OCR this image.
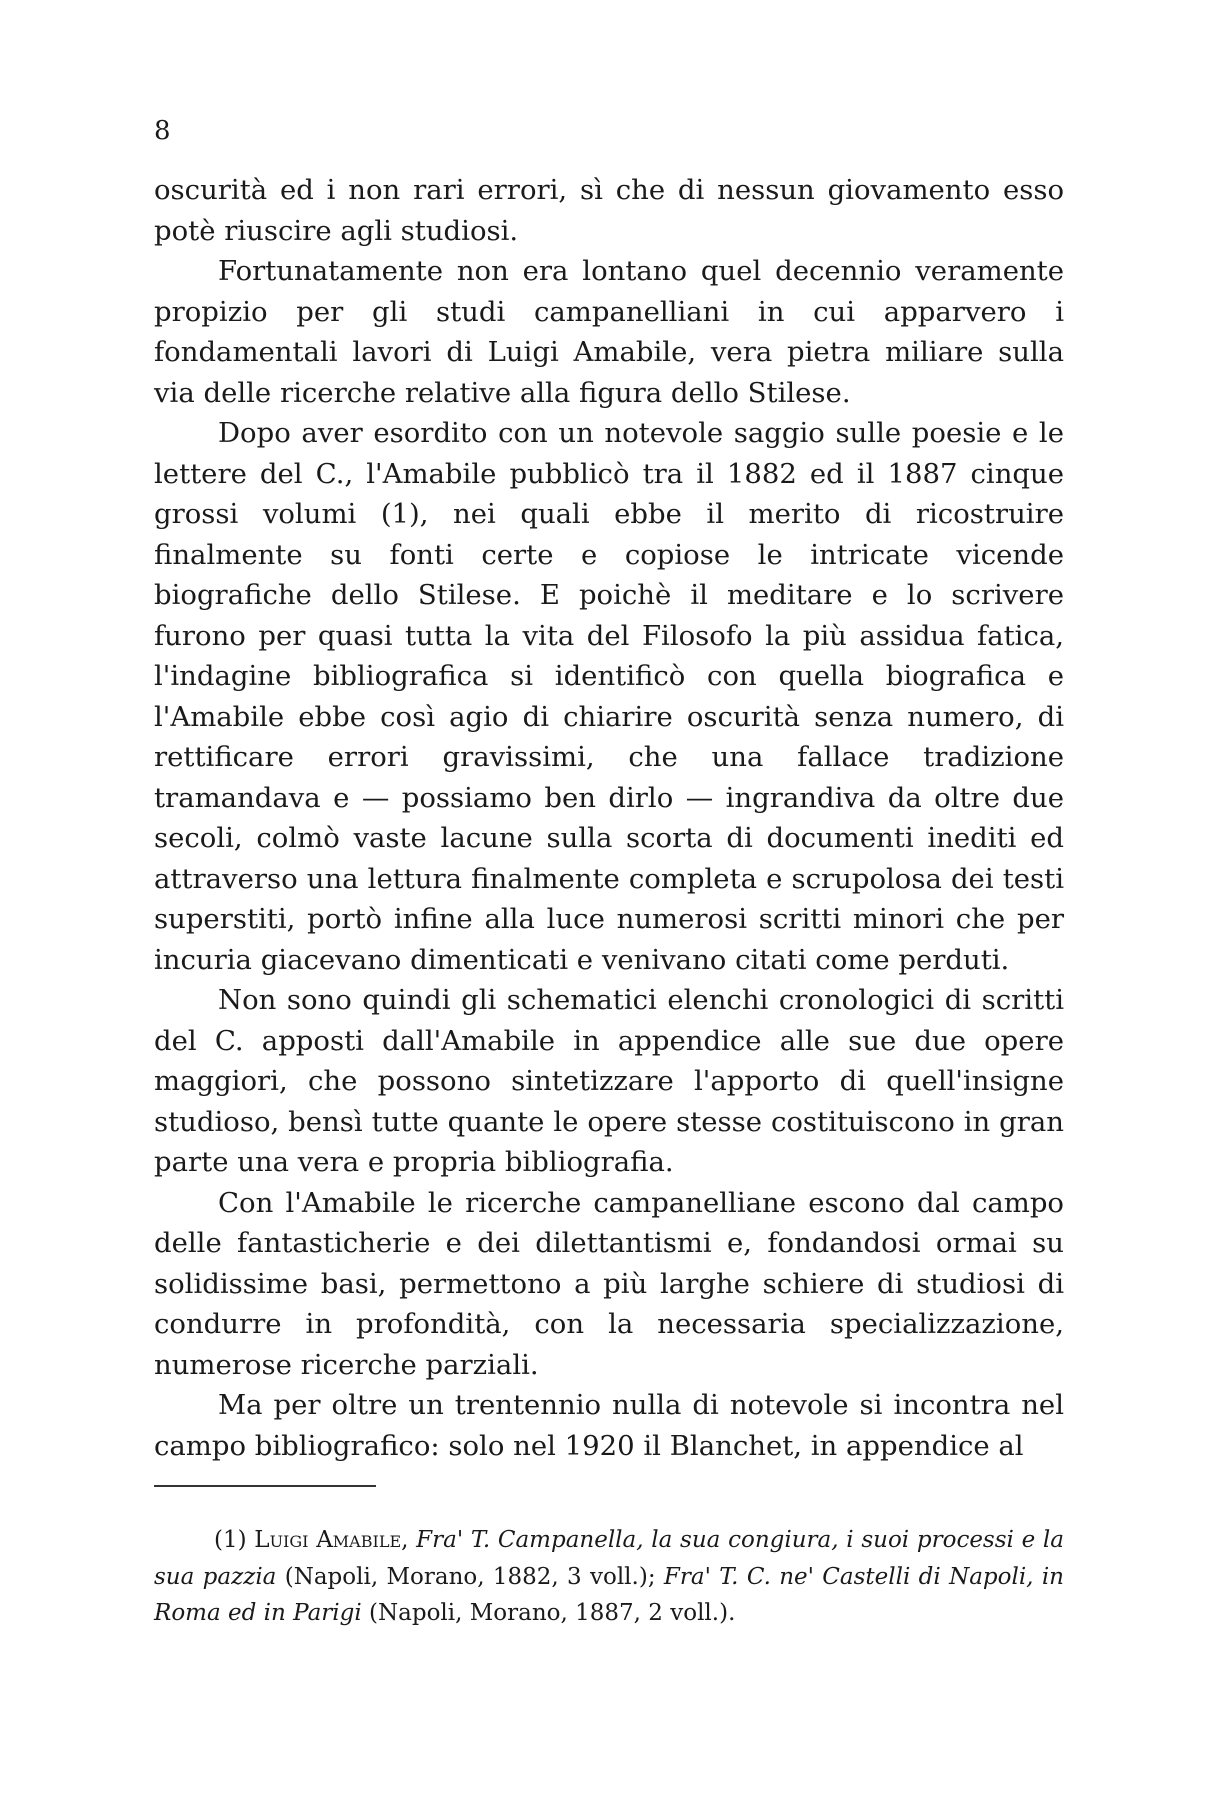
8

oscurità ed i non rari errori, sì che di nessun giovamento esso potè riuscire agli studiosi.

Fortunatamente non era lontano quel decennio veramente propizio per gli studi campanelliani in cui apparvero i fondamentali lavori di Luigi Amabile, vera pietra miliare sulla via delle ricerche relative alla figura dello Stilese.

Dopo aver esordito con un notevole saggio sulle poesie e le lettere del C., l'Amabile pubblicò tra il 1882 ed il 1887 cinque grossi volumi (1), nei quali ebbe il merito di ricostruire finalmente su fonti certe e copiose le intricate vicende biografiche dello Stilese. E poichè il meditare e lo scrivere furono per quasi tutta la vita del Filosofo la più assidua fatica, l'indagine bibliografica si identificò con quella biografica e l'Amabile ebbe così agio di chiarire oscurità senza numero, di rettificare errori gravissimi, che una fallace tradizione tramandava e — possiamo ben dirlo — ingrandiva da oltre due secoli, colmò vaste lacune sulla scorta di documenti inediti ed attraverso una lettura finalmente completa e scrupolosa dei testi superstiti, portò infine alla luce numerosi scritti minori che per incuria giacevano dimenticati e venivano citati come perduti.

Non sono quindi gli schematici elenchi cronologici di scritti del C. apposti dall'Amabile in appendice alle sue due opere maggiori, che possono sintetizzare l'apporto di quell'insigne studioso, bensì tutte quante le opere stesse costituiscono in gran parte una vera e propria bibliografia.

Con l'Amabile le ricerche campanelliane escono dal campo delle fantasticherie e dei dilettantismi e, fondandosi ormai su solidissime basi, permettono a più larghe schiere di studiosi di condurre in profondità, con la necessaria specializzazione, numerose ricerche parziali.

Ma per oltre un trentennio nulla di notevole si incontra nel campo bibliografico: solo nel 1920 il Blanchet, in appendice al

(1) Luigi Amabile, Fra' T. Campanella, la sua congiura, i suoi processi e la sua pazzia (Napoli, Morano, 1882, 3 voll.); Fra' T. C. ne' Castelli di Napoli, in Roma ed in Parigi (Napoli, Morano, 1887, 2 voll.).
